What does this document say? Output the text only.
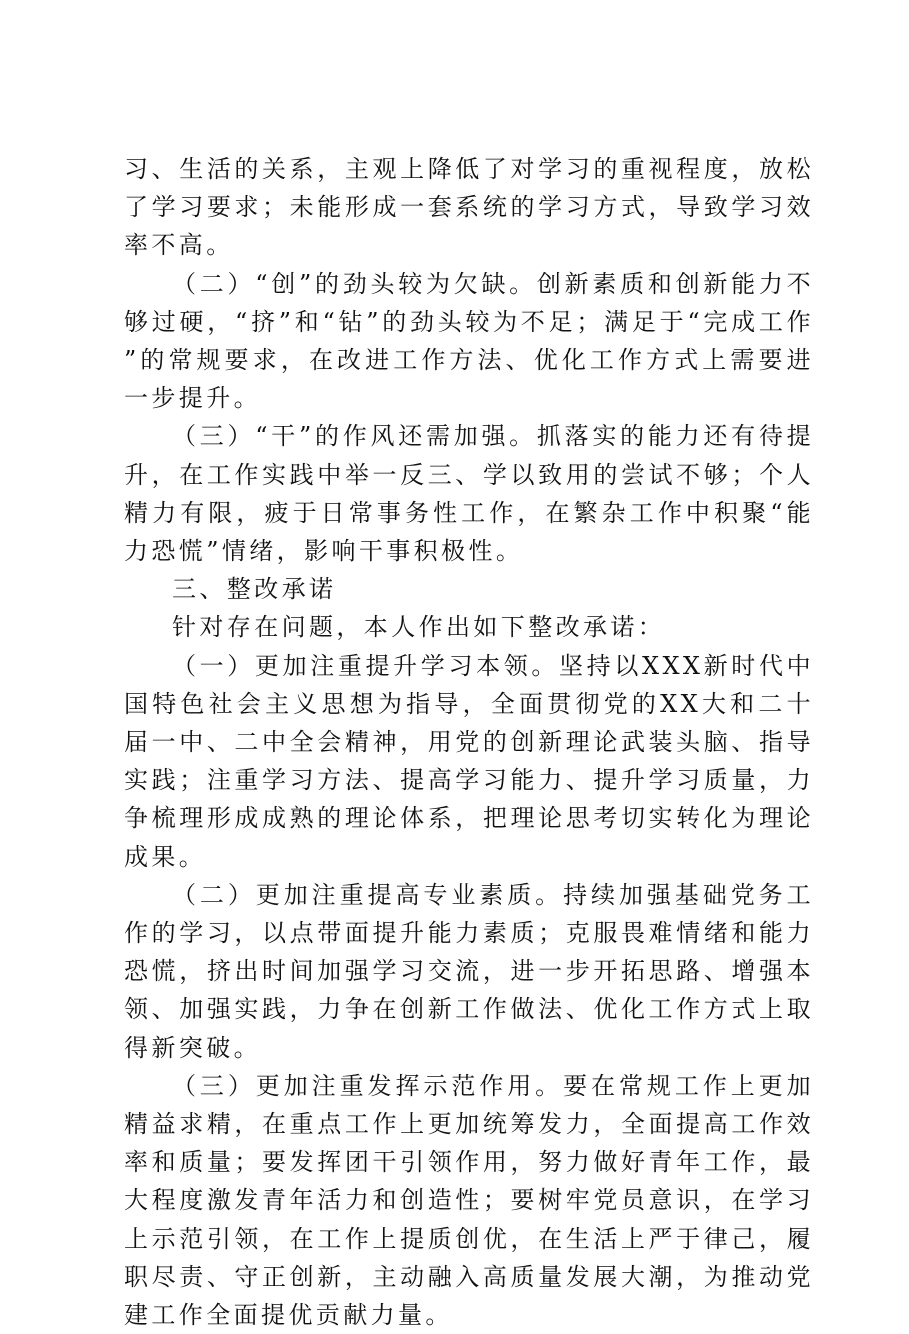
习、生活的关系，主观上降低了对学习的重视程度，放松了学习要求；未能形成一套系统的学习方式，导致学习效率不高。

（二）“创”的劲头较为欠缺。创新素质和创新能力不够过硬，“挤”和“钻”的劲头较为不足；满足于“完成工作”的常规要求，在改进工作方法、优化工作方式上需要进一步提升。

（三）“干”的作风还需加强。抓落实的能力还有待提升，在工作实践中举一反三、学以致用的尝试不够；个人精力有限，疲于日常事务性工作，在繁杂工作中积聚“能力恐慌”情绪，影响干事积极性。

三、整改承诺

针对存在问题，本人作出如下整改承诺：

（一）更加注重提升学习本领。坚持以XXX新时代中国特色社会主义思想为指导，全面贯彻党的XX大和二十届一中、二中全会精神，用党的创新理论武装头脑、指导实践；注重学习方法、提高学习能力、提升学习质量，力争梳理形成成熟的理论体系，把理论思考切实转化为理论成果。

（二）更加注重提高专业素质。持续加强基础党务工作的学习，以点带面提升能力素质；克服畏难情绪和能力恐慌，挤出时间加强学习交流，进一步开拓思路、增强本领、加强实践，力争在创新工作做法、优化工作方式上取得新突破。

（三）更加注重发挥示范作用。要在常规工作上更加精益求精，在重点工作上更加统筹发力，全面提高工作效率和质量；要发挥团干引领作用，努力做好青年工作，最大程度激发青年活力和创造性；要树牢党员意识，在学习上示范引领，在工作上提质创优，在生活上严于律己，履职尽责、守正创新，主动融入高质量发展大潮，为推动党建工作全面提优贡献力量。
